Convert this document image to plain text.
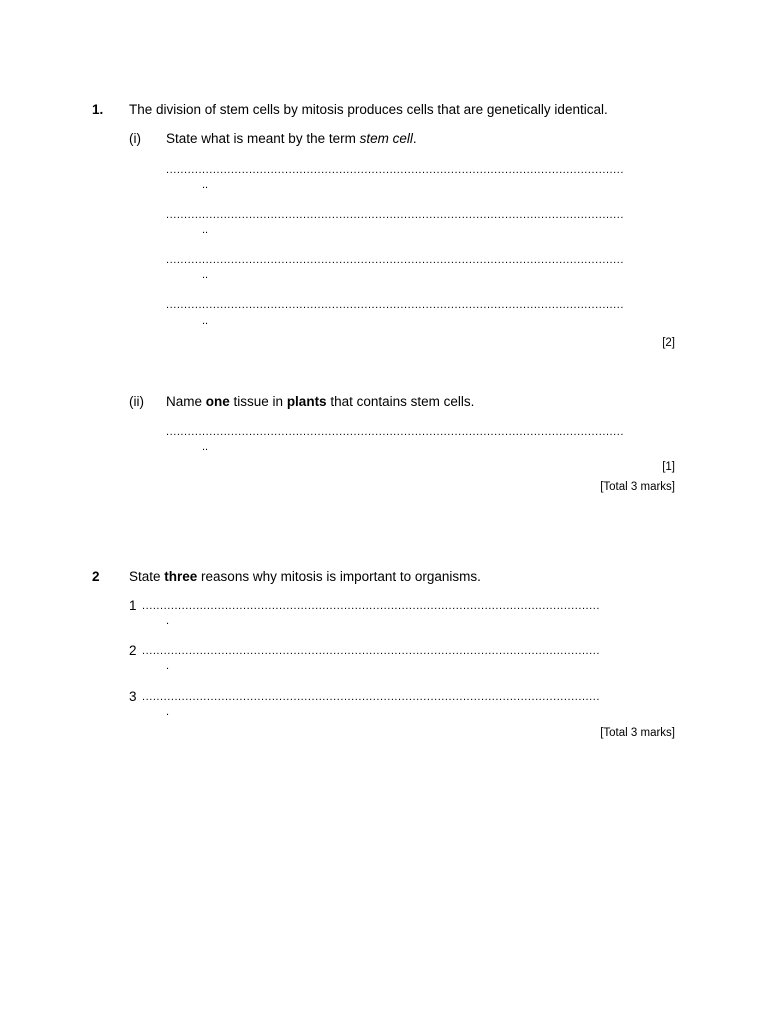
1. The division of stem cells by mitosis produces cells that are genetically identical.
(i) State what is meant by the term stem cell.
...............................................................................................................................
..
...............................................................................................................................
..
...............................................................................................................................
..
...............................................................................................................................
..
[2]
(ii) Name one tissue in plants that contains stem cells.
...............................................................................................................................
..
[1]
[Total 3 marks]
2 State three reasons why mitosis is important to organisms.
1 ...............................................................................................................................
.
2 ...............................................................................................................................
.
3 ...............................................................................................................................
.
[Total 3 marks]
